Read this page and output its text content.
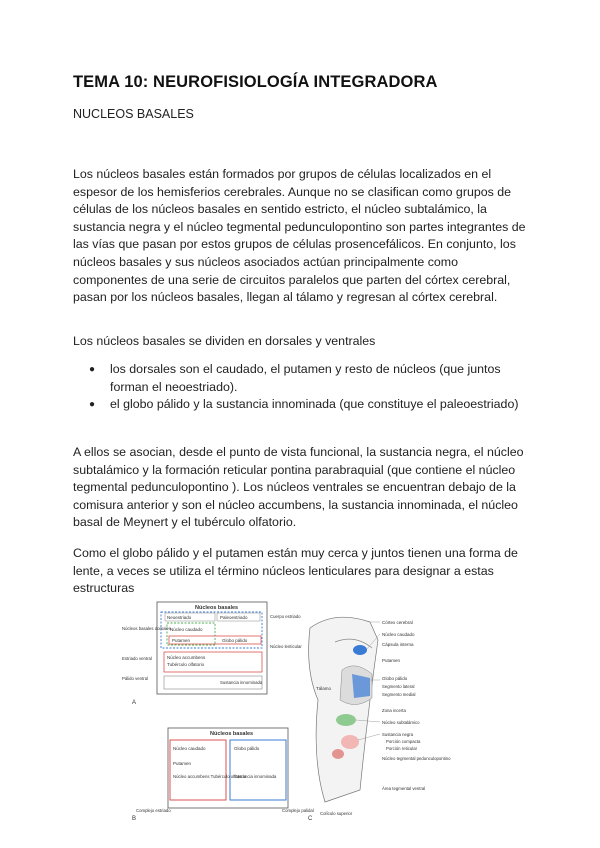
TEMA 10: NEUROFISIOLOGÍA INTEGRADORA

NUCLEOS BASALES

Los núcleos basales están formados por grupos de células localizados en el espesor de los hemisferios cerebrales. Aunque no se clasifican como grupos de células de los núcleos basales en sentido estricto, el núcleo subtalámico, la sustancia negra y el núcleo tegmental pedunculopontino son partes integrantes de las vías que pasan por estos grupos de células prosencefálicos. En conjunto, los núcleos basales y sus núcleos asociados actúan principalmente como componentes de una serie de circuitos paralelos que parten del córtex cerebral, pasan por los núcleos basales, llegan al tálamo y regresan al córtex cerebral.

Los núcleos basales se dividen en dorsales y ventrales

● los dorsales son el caudado, el putamen y resto de núcleos (que juntos forman el neoestriado).
● el globo pálido y la sustancia innominada (que constituye el paleoestriado)

A ellos se asocian, desde el punto de vista funcional, la sustancia negra, el núcleo subtalámico y la formación reticular pontina parabraquial (que contiene el núcleo tegmental pedunculopontino ). Los núcleos ventrales se encuentran debajo de la comisura anterior y son el núcleo accumbens, la sustancia innominada, el núcleo basal de Meynert y el tubérculo olfatorio.

Como el globo pálido y el putamen están muy cerca y juntos tienen una forma de lente, a veces se utiliza el término núcleos lenticulares para designar a estas estructuras

Núcleos basales
Neoestriado	Paleoestriado
Núcleo caudado
Putamen	Globo pálido
Núcleo accumbens
Tubérculo olfatorio
Sustancia innominada
Núcleos basales dorsales
Estriado ventral
Pálido ventral
Cuerpo estriado
Núcleo lenticular
A
Núcleos basales
Núcleo caudado	Globo pálido
Putamen
Núcleo accumbens Tubérculo olfatorio
Sustancia innominada
Complejo estriado	Complejo palidal
B
Córtex cerebral
Núcleo caudado
Cápsula interna
Putamen
Tálamo
Globo pálido
Segmento lateral
Segmento medial
Zona incerta
Núcleo subtalámico
Sustancia negra
Porción compacta
Porción reticular
Núcleo tegmental pedunculopontino
Área tegmental ventral
Colículo superior
C
